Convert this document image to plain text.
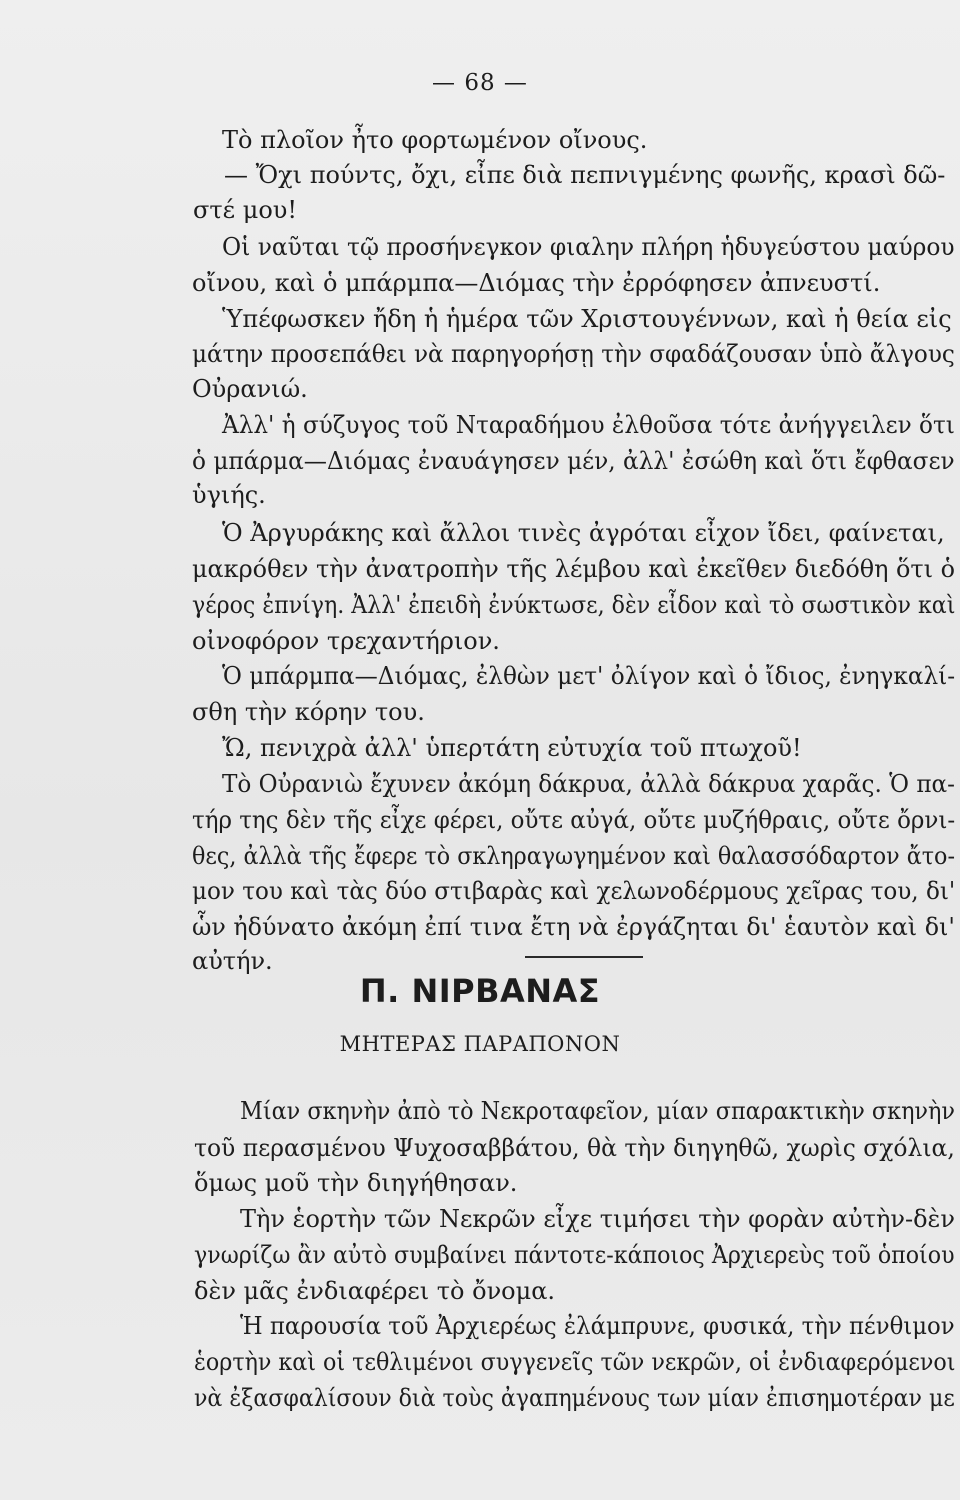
— 68 —
Τὸ πλοῖον ἦτο φορτωμένον οἴνους.
— Ὄχι πούντς, ὄχι, εἶπε διὰ πεπνιγμένης φωνῆς, κρασὶ δῶ-
στέ μου!
Οἱ ναῦται τῷ προσήνεγκον φιαλην πλήρη ἡδυγεύστου μαύρου
οἴνου, καὶ ὁ μπάρμπα—Διόμας τὴν ἐρρόφησεν ἀπνευστί.
Ὑπέφωσκεν ἤδη ἡ ἡμέρα τῶν Χριστουγέννων, καὶ ἡ θεία εἰς
μάτην προσεπάθει νὰ παρηγορήσῃ τὴν σφαδάζουσαν ὑπὸ ἄλγους
Οὐρανιώ.
Ἀλλ' ἡ σύζυγος τοῦ Νταραδήμου ἐλθοῦσα τότε ἀνήγγειλεν ὅτι
ὁ μπάρμα—Διόμας ἐναυάγησεν μέν, ἀλλ' ἐσώθη καὶ ὅτι ἔφθασεν
ὑγιής.
Ὁ Ἀργυράκης καὶ ἄλλοι τινὲς ἀγρόται εἶχον ἴδει, φαίνεται,
μακρόθεν τὴν ἀνατροπὴν τῆς λέμβου καὶ ἐκεῖθεν διεδόθη ὅτι ὁ
γέρος ἐπνίγη. Ἀλλ' ἐπειδὴ ἐνύκτωσε, δὲν εἶδον καὶ τὸ σωστικὸν καὶ
οἰνοφόρον τρεχαντήριον.
Ὁ μπάρμπα—Διόμας, ἐλθὼν μετ' ὀλίγον καὶ ὁ ἴδιος, ἐνηγκαλί-
σθη τὴν κόρην του.
Ὤ, πενιχρὰ ἀλλ' ὑπερτάτη εὐτυχία τοῦ πτωχοῦ!
Τὸ Οὐρανιὼ ἔχυνεν ἀκόμη δάκρυα, ἀλλὰ δάκρυα χαρᾶς. Ὁ πα-
τήρ της δὲν τῆς εἶχε φέρει, οὔτε αὐγά, οὔτε μυζήθραις, οὔτε ὄρνι-
θες, ἀλλὰ τῆς ἔφερε τὸ σκληραγωγημένον καὶ θαλασσόδαρτον ἄτο-
μον του καὶ τὰς δύο στιβαρὰς καὶ χελωνοδέρμους χεῖρας του, δι'
ὧν ἠδύνατο ἀκόμη ἐπί τινα ἔτη νὰ ἐργάζηται δι' ἑαυτὸν καὶ δι'
αὐτήν.
Π. ΝΙΡΒΑΝΑΣ
ΜΗΤΕΡΑΣ ΠΑΡΑΠΟΝΟΝ
Μίαν σκηνὴν ἀπὸ τὸ Νεκροταφεῖον, μίαν σπαρακτικὴν σκηνὴν
τοῦ περασμένου Ψυχοσαββάτου, θὰ τὴν διηγηθῶ, χωρὶς σχόλια,
ὅμως μοῦ τὴν διηγήθησαν.
Τὴν ἑορτὴν τῶν Νεκρῶν εἶχε τιμήσει τὴν φορὰν αὐτὴν-δὲν
γνωρίζω ἂν αὐτὸ συμβαίνει πάντοτε-κάποιος Ἀρχιερεὺς τοῦ ὁποίου
δὲν μᾶς ἐνδιαφέρει τὸ ὄνομα.
Ἡ παρουσία τοῦ Ἀρχιερέως ἐλάμπρυνε, φυσικά, τὴν πένθιμον
ἑορτὴν καὶ οἱ τεθλιμένοι συγγενεῖς τῶν νεκρῶν, οἱ ἐνδιαφερόμενοι
νὰ ἐξασφαλίσουν διὰ τοὺς ἀγαπημένους των μίαν ἐπισημοτέραν με
